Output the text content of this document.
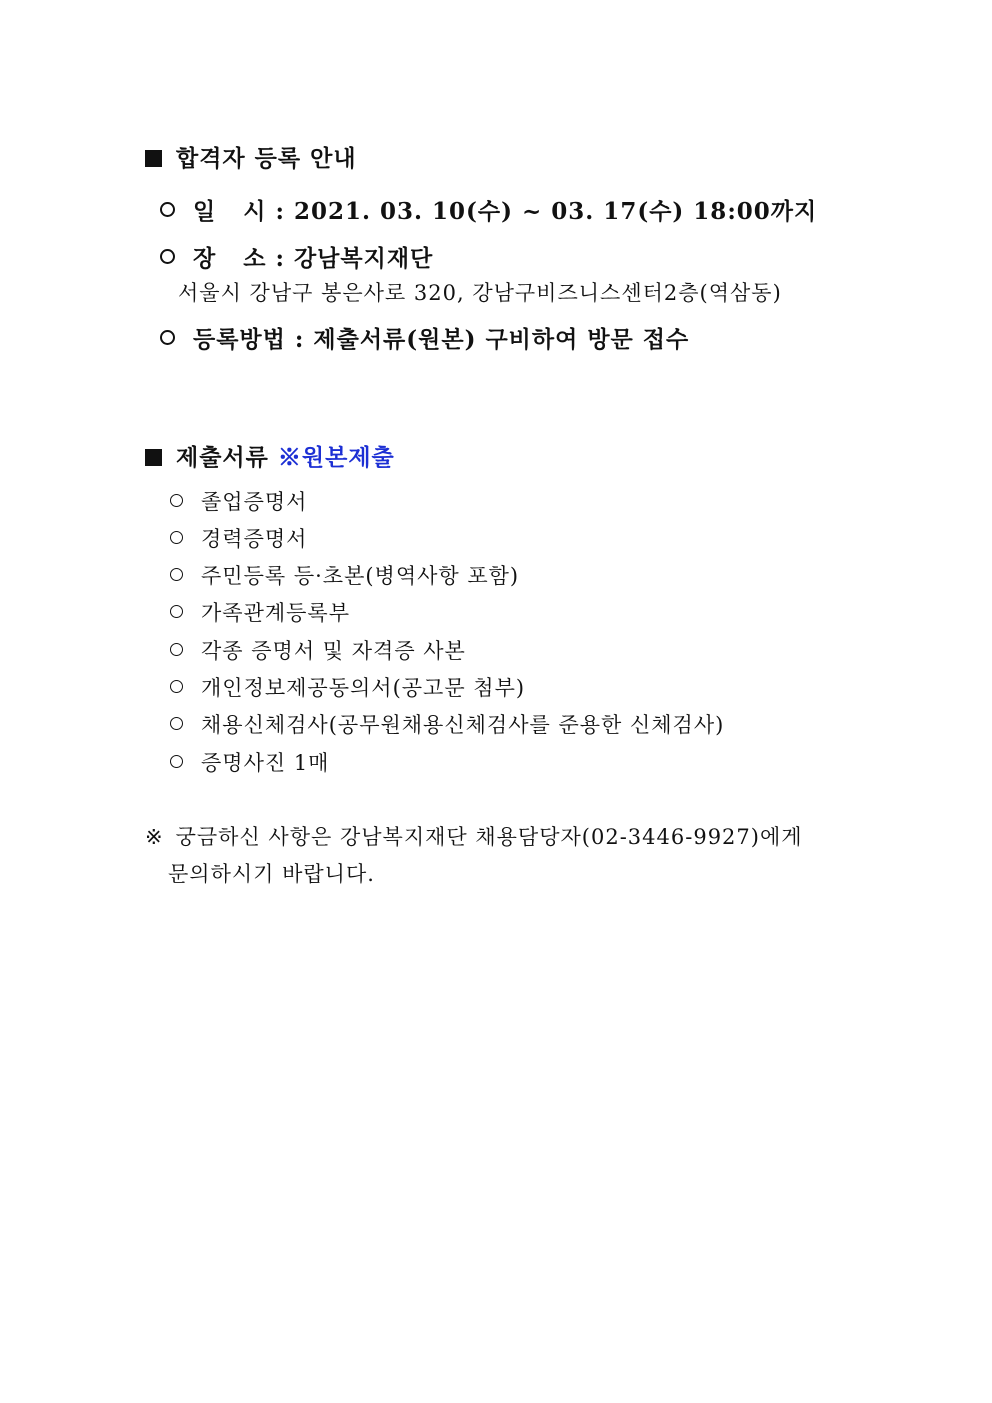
합격자 등록 안내
일   시 : 2021. 03. 10(수) ~ 03. 17(수) 18:00까지
장   소 : 강남복지재단
서울시 강남구 봉은사로 320, 강남구비즈니스센터2층(역삼동)
등록방법 : 제출서류(원본) 구비하여 방문 접수
제출서류 ※원본제출
졸업증명서
경력증명서
주민등록 등·초본(병역사항 포함)
가족관계등록부
각종 증명서 및 자격증 사본
개인정보제공동의서(공고문 첨부)
채용신체검사(공무원채용신체검사를 준용한 신체검사)
증명사진 1매
※ 궁금하신 사항은 강남복지재단 채용담당자(02-3446-9927)에게
문의하시기 바랍니다.
